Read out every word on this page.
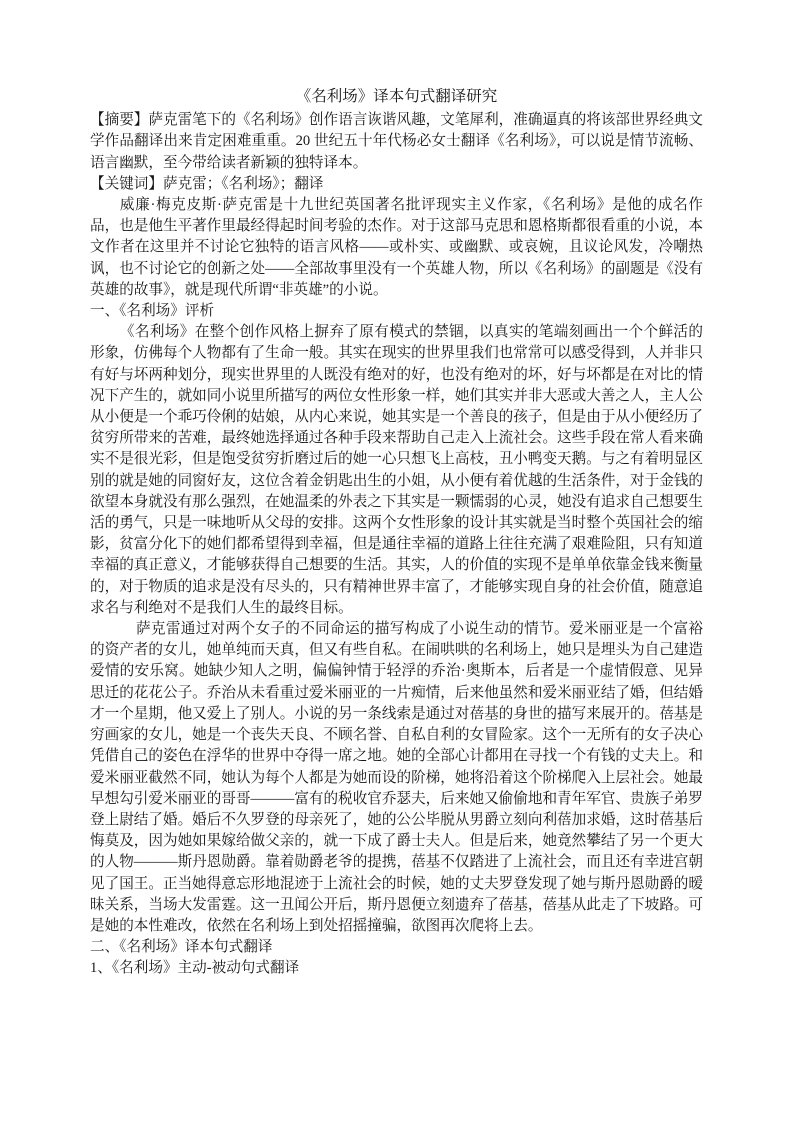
《名利场》译本句式翻译研究

【摘要】萨克雷笔下的《名利场》创作语言诙谐风趣，文笔犀利，准确逼真的将该部世界经典文学作品翻译出来肯定困难重重。20 世纪五十年代杨必女士翻译《名利场》，可以说是情节流畅、语言幽默，至今带给读者新颖的独特译本。

【关键词】萨克雷；《名利场》；翻译

威廉·梅克皮斯·萨克雷是十九世纪英国著名批评现实主义作家，《名利场》是他的成名作品，也是他生平著作里最经得起时间考验的杰作。对于这部马克思和恩格斯都很看重的小说，本文作者在这里并不讨论它独特的语言风格——或朴实、或幽默、或哀婉，且议论风发，冷嘲热讽，也不讨论它的创新之处——全部故事里没有一个英雄人物，所以《名利场》的副题是《没有英雄的故事》，就是现代所谓“非英雄”的小说。

一、《名利场》评析

《名利场》在整个创作风格上摒弃了原有模式的禁锢，以真实的笔端刻画出一个个鲜活的形象，仿佛每个人物都有了生命一般。其实在现实的世界里我们也常常可以感受得到，人并非只有好与坏两种划分，现实世界里的人既没有绝对的好，也没有绝对的坏，好与坏都是在对比的情况下产生的，就如同小说里所描写的两位女性形象一样，她们其实并非大恶或大善之人，主人公从小便是一个乖巧伶俐的姑娘，从内心来说，她其实是一个善良的孩子，但是由于从小便经历了贫穷所带来的苦难，最终她选择通过各种手段来帮助自己走入上流社会。这些手段在常人看来确实不是很光彩，但是饱受贫穷折磨过后的她一心只想飞上高枝，丑小鸭变天鹅。与之有着明显区别的就是她的同窗好友，这位含着金钥匙出生的小姐，从小便有着优越的生活条件，对于金钱的欲望本身就没有那么强烈，在她温柔的外表之下其实是一颗懦弱的心灵，她没有追求自己想要生活的勇气，只是一味地听从父母的安排。这两个女性形象的设计其实就是当时整个英国社会的缩影，贫富分化下的她们都希望得到幸福，但是通往幸福的道路上往往充满了艰难险阻，只有知道幸福的真正意义，才能够获得自己想要的生活。其实，人的价值的实现不是单单依靠金钱来衡量的，对于物质的追求是没有尽头的，只有精神世界丰富了，才能够实现自身的社会价值，随意追求名与利绝对不是我们人生的最终目标。

萨克雷通过对两个女子的不同命运的描写构成了小说生动的情节。爱米丽亚是一个富裕的资产者的女儿，她单纯而天真，但又有些自私。在闹哄哄的名利场上，她只是埋头为自己建造爱情的安乐窝。她缺少知人之明，偏偏钟情于轻浮的乔治·奥斯本，后者是一个虚情假意、见异思迁的花花公子。乔治从未看重过爱米丽亚的一片痴情，后来他虽然和爱米丽亚结了婚，但结婚才一个星期，他又爱上了别人。小说的另一条线索是通过对蓓基的身世的描写来展开的。蓓基是穷画家的女儿，她是一个丧失天良、不顾名誉、自私自利的女冒险家。这个一无所有的女子决心凭借自己的姿色在浮华的世界中夺得一席之地。她的全部心计都用在寻找一个有钱的丈夫上。和爱米丽亚截然不同，她认为每个人都是为她而设的阶梯，她将沿着这个阶梯爬入上层社会。她最早想勾引爱米丽亚的哥哥———富有的税收官乔瑟夫，后来她又偷偷地和青年军官、贵族子弟罗登上尉结了婚。婚后不久罗登的母亲死了，她的公公毕脱从男爵立刻向利蓓加求婚，这时蓓基后悔莫及，因为她如果嫁给做父亲的，就一下成了爵士夫人。但是后来，她竟然攀结了另一个更大的人物———斯丹恩勋爵。靠着勋爵老爷的提携，蓓基不仅踏进了上流社会，而且还有幸进宫朝见了国王。正当她得意忘形地混迹于上流社会的时候，她的丈夫罗登发现了她与斯丹恩勋爵的暧昧关系，当场大发雷霆。这一丑闻公开后，斯丹恩便立刻遗弃了蓓基，蓓基从此走了下坡路。可是她的本性难改，依然在名利场上到处招摇撞骗，欲图再次爬将上去。

二、《名利场》译本句式翻译

1、《名利场》主动-被动句式翻译
